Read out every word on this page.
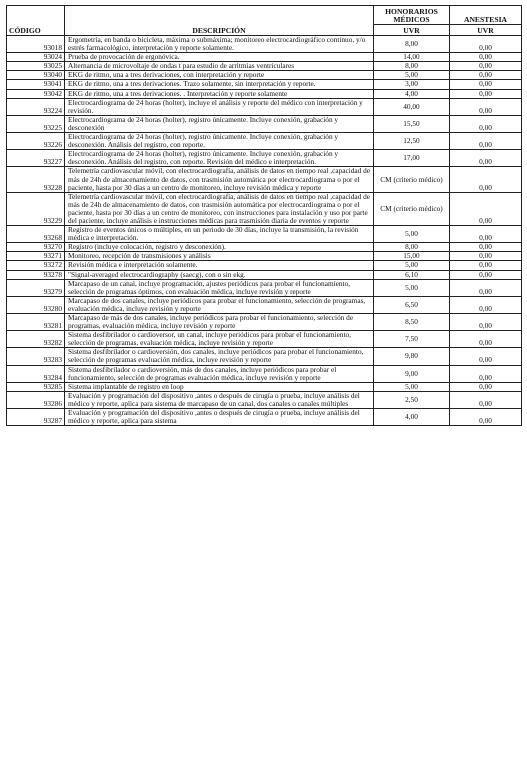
CÓDIGO	DESCRIPCIÓN	HONORARIOS MÉDICOS	ANESTESIA
		UVR	UVR
93018	Ergometría, en banda o bicicleta, máxima o submáxima; monitoreo electrocardiográfico continuo, y/o estrés farmacológico, interpretación y reporte solamente.	8,00	0,00
93024	Prueba de provocación de ergonóvica.	14,00	0,00
93025	Alternancia de microvoltaje de ondas t para estudio de arritmias ventriculares	8,00	0,00
93040	EKG de ritmo, una a tres derivaciones, con interpretación y reporte	5,00	0,00
93041	EKG de ritmo, una a tres derivaciones. Trazo solamente, sin interpretación y reporte.	3,00	0,00
93042	EKG de ritmo, una a tres derivaciones. . Interpretación y reporte solamente	4,00	0,00
93224	Electrocardiograma de 24 horas (holter), incluye el análisis y reporte del médico con interpretación y revisión.	40,00	0,00
93225	Electrocardiograma de 24 horas (holter), registro únicamente. Incluye conexión, grabación y desconexión	15,50	0,00
93226	Electrocardiograma de 24 horas (holter), registro únicamente. Incluye conexión, grabación y desconexión. Análisis del registro, con reporte.	12,50	0,00
93227	Electrocardiograma de 24 horas (holter), registro únicamente. Incluye conexión, grabación y desconexión. Análisis del registro, con reporte. Revisión del médico e interpretación.	17,00	0,00
93228	Telemetría cardiovascular móvil, con electrocardiografía, análisis de datos en tiempo real ,capacidad de más de 24h de almacenamiento de datos, con trasmisión automática por electrocardiograma o por el paciente, hasta por 30 días a un centro de monitoreo, incluye revisión médica y reporte	CM (criterio médico)	0,00
93229	Telemetría cardiovascular móvil, con electrocardiografía, análisis de datos en tiempo real ,capacidad de más de 24h de almacenamiento de datos, con trasmisión automática por electrocardiograma o por el paciente, hasta por 30 días a un centro de monitoreo, con instrucciones para instalación y uso por parte del paciente, incluye análisis e instrucciones médicas para trasmisión diaria de eventos y reporte	CM (criterio médico)	0,00
93268	Registro de eventos únicos o múltiples, en un periodo de 30 días, incluye la transmisión, la revisión médica e interpretación.	5,00	0,00
93270	Registro (incluye colocación, registro y desconexión).	8,00	0,00
93271	Monitoreo, recepción de transmisiones y análisis	15,00	0,00
93272	Revisión médica e interpretación solamente.	5,00	0,00
93278	"Signal-averaged electrocardiography (saecg), con o sin ekg.	6,10	0,00
93279	Marcapaso de un canal, incluye programación, ajustes periódicos para probar el funcionamiento, selección de programas óptimos, con evaluación médica, incluye revisión y reporte	5,00	0,00
93280	Marcapaso de dos canales, incluye periódicos para probar el funcionamiento, selección de programas, evaluación médica, incluye revisión y reporte	6,50	0,00
93281	Marcapaso de más de dos canales, incluye periódicos para probar el funcionamiento, selección de programas, evaluación médica, incluye revisión y reporte	8,50	0,00
93282	Sistema desfibrilador o cardioversor, un canal, incluye periódicos para probar el funcionamiento, selección de programas, evaluación médica, incluye revisión y reporte	7,50	0,00
93283	Sistema desfibrilador o cardioversión, dos canales, incluye periódicos para probar el funcionamiento, selección de programas evaluación médica, incluye revisión y reporte	9,80	0,00
93284	Sistema desfibrilador o cardioversión, más de dos canales, incluye periódicos para probar el funcionamiento, selección de programas evaluación médica, incluye revisión y reporte	9,00	0,00
93285	Sistema implantable de registro en loop	5,00	0,00
93286	Evaluación y programación del dispositivo ,antes o después de cirugía o prueba, incluye análisis del médico y reporte, aplica para sistema de marcapaso de un canal, dos canales o canales múltiples	2,50	0,00
93287	Evaluación y programación del dispositivo ,antes o después de cirugía o prueba, incluye análisis del médico y reporte, aplica para sistema	4,00	0,00
